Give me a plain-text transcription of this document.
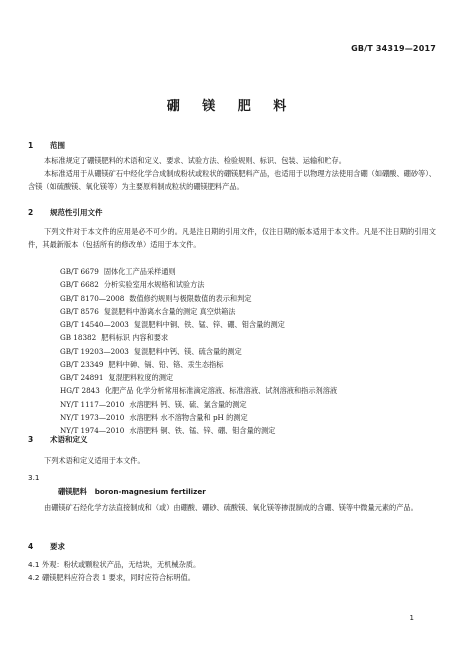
GB/T 34319—2017
硼 镁 肥 料
1 范围
本标准规定了硼镁肥料的术语和定义、要求、试验方法、检验规则、标识、包装、运输和贮存。
本标准适用于从硼镁矿石中经化学合成制成粉状或粒状的硼镁肥料产品，也适用于以物理方法使用含硼（如硼酸、硼砂等）、含镁（如硫酸镁、氧化镁等）为主要原料制成粒状的硼镁肥料产品。
2 规范性引用文件
下列文件对于本文件的应用是必不可少的。凡是注日期的引用文件，仅注日期的版本适用于本文件。凡是不注日期的引用文件，其最新版本（包括所有的修改单）适用于本文件。
GB/T 6679 固体化工产品采样通则
GB/T 6682 分析实验室用水规格和试验方法
GB/T 8170—2008 数值修约规则与极限数值的表示和判定
GB/T 8576 复混肥料中游离水含量的测定 真空烘箱法
GB/T 14540—2003 复混肥料中铜、铁、锰、锌、硼、钼含量的测定
GB 18382 肥料标识 内容和要求
GB/T 19203—2003 复混肥料中钙、镁、硫含量的测定
GB/T 23349 肥料中砷、镉、铅、铬、汞生态指标
GB/T 24891 复混肥料粒度的测定
HG/T 2843 化肥产品 化学分析常用标准滴定溶液、标准溶液、试剂溶液和指示剂溶液
NY/T 1117—2010 水溶肥料 钙、镁、硫、氯含量的测定
NY/T 1973—2010 水溶肥料 水不溶物含量和 pH 的测定
NY/T 1974—2010 水溶肥料 铜、铁、锰、锌、硼、钼含量的测定
3 术语和定义
下列术语和定义适用于本文件。
3.1
硼镁肥料 boron-magnesium fertilizer
由硼镁矿石经化学方法直接制成和（或）由硼酸、硼砂、硫酸镁、氧化镁等掺混制成的含硼、镁等中微量元素的产品。
4 要求
4.1 外观：粉状或颗粒状产品，无结块，无机械杂质。
4.2 硼镁肥料应符合表 1 要求，同时应符合标明值。
1
